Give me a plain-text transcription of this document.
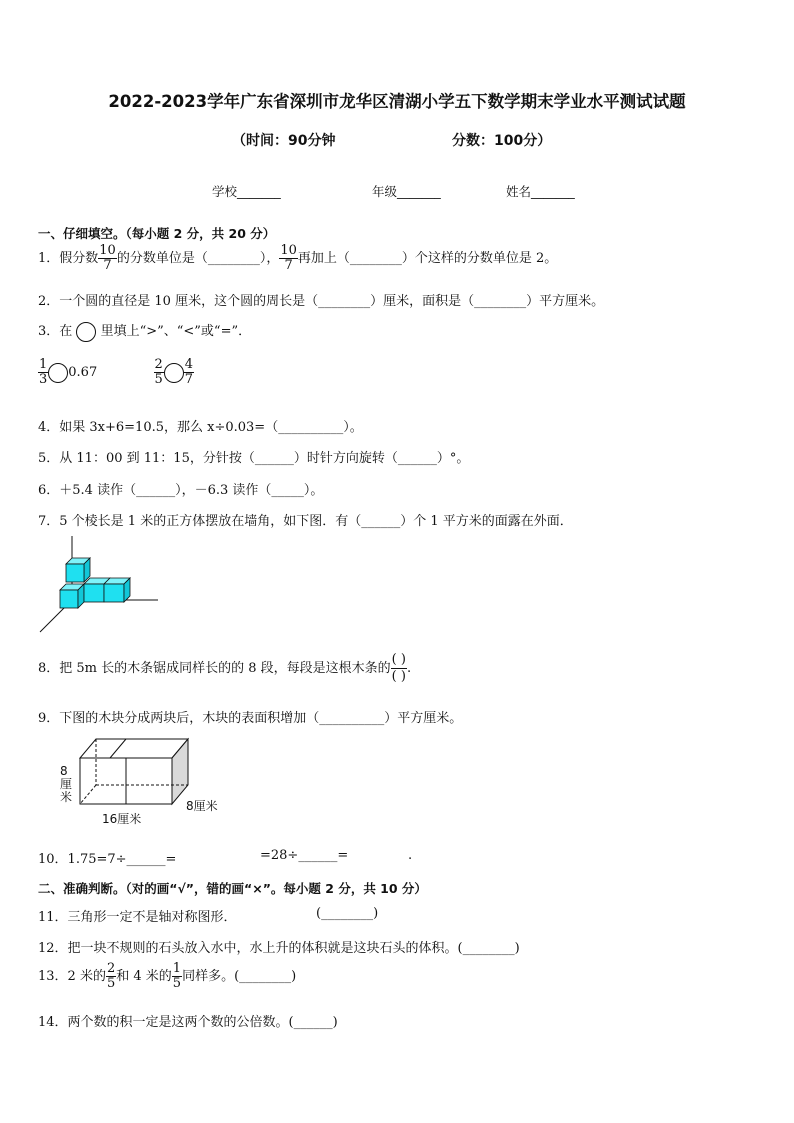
2022-2023学年广东省深圳市龙华区清湖小学五下数学期末学业水平测试试题
（时间：90分钟	分数：100分）
学校_______	年级_______	姓名_______
一、仔细填空。（每小题 2 分，共 20 分）
1．假分数 $\frac{10}{7}$ 的分数单位是（________）， $\frac{10}{7}$ 再加上（________）个这样的分数单位是 2。
2．一个圆的直径是 10 厘米，这个圆的周长是（________）厘米，面积是（________）平方厘米。
3．在 里填上“>”、“<”或“=”．
$\frac{1}{3} 0.67$	$\frac{2}{5} \frac{4}{7}$
4．如果 3x+6=10.5，那么 x÷0.03=（__________）。
5．从 11：00 到 11：15，分针按（______）时针方向旋转（______）°。
6．＋5.4 读作（______），－6.3 读作（_____）。
7．5 个棱长是 1 米的正方体摆放在墙角，如下图．有（______）个 1 平方米的面露在外面．
8．把 5m 长的木条锯成同样长的的 8 段，每段是这根木条的 $\frac{( )}{( )}$ .
9．下图的木块分成两块后，木块的表面积增加（__________）平方厘米。
8
厘
米
16厘米
8厘米
10．1.75=7÷______=	=28÷______=	.
二、准确判断。（对的画“√”，错的画“×”。每小题 2 分，共 10 分）
11．三角形一定不是轴对称图形．	(________)
12．把一块不规则的石头放入水中，水上升的体积就是这块石头的体积。(________)
13．2 米的 $\frac{2}{5}$ 和 4 米的 $\frac{1}{5}$ 同样多。(________)
14．两个数的积一定是这两个数的公倍数。(______)
